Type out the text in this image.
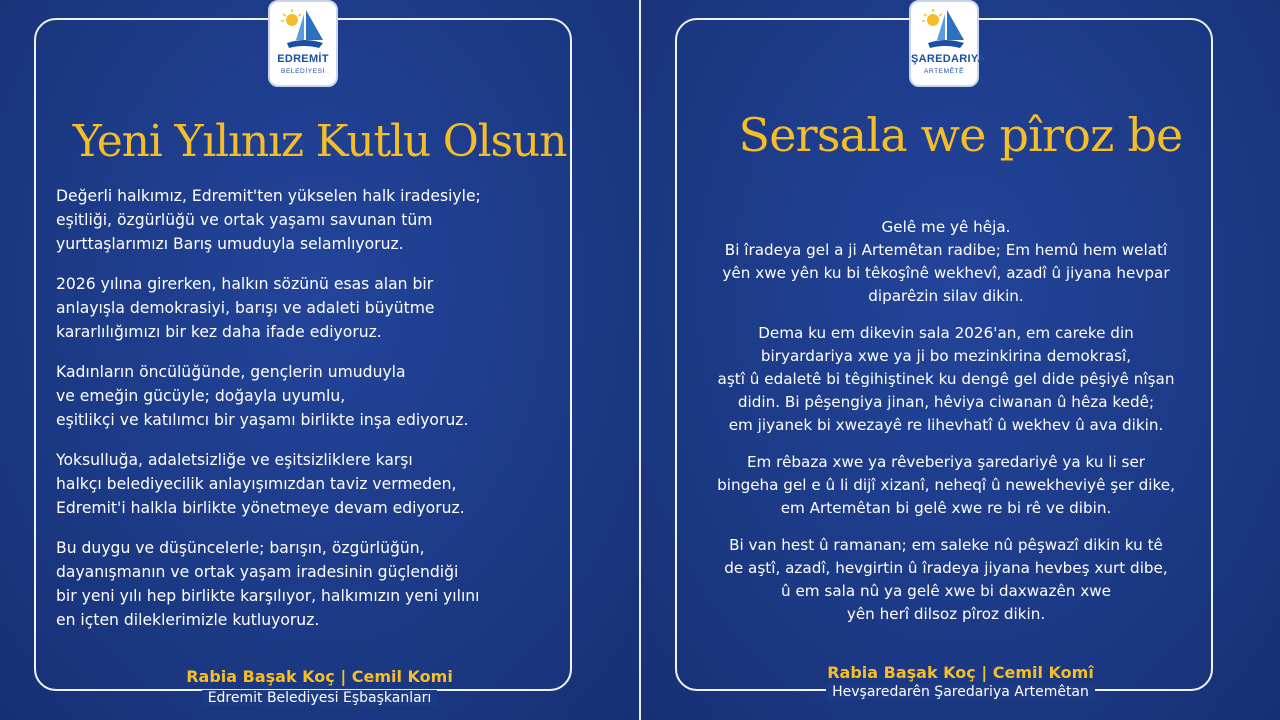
EDREMİT
BELEDİYESİ
Yeni Yılınız Kutlu Olsun

Değerli halkımız, Edremit'ten yükselen halk iradesiyle;
eşitliği, özgürlüğü ve ortak yaşamı savunan tüm
yurttaşlarımızı Barış umuduyla selamlıyoruz.

2026 yılına girerken, halkın sözünü esas alan bir
anlayışla demokrasiyi, barışı ve adaleti büyütme
kararlılığımızı bir kez daha ifade ediyoruz.

Kadınların öncülüğünde, gençlerin umuduyla
ve emeğin gücüyle; doğayla uyumlu,
eşitlikçi ve katılımcı bir yaşamı birlikte inşa ediyoruz.

Yoksulluğa, adaletsizliğe ve eşitsizliklere karşı
halkçı belediyecilik anlayışımızdan taviz vermeden,
Edremit'i halkla birlikte yönetmeye devam ediyoruz.

Bu duygu ve düşüncelerle; barışın, özgürlüğün,
dayanışmanın ve ortak yaşam iradesinin güçlendiği
bir yeni yılı hep birlikte karşılıyor, halkımızın yeni yılını
en içten dileklerimizle kutluyoruz.

Rabia Başak Koç | Cemil Komi
Edremit Belediyesi Eşbaşkanları
ŞAREDARIYA
ARTEMÊTÊ
Sersala we pîroz be

Gelê me yê hêja.
Bi îradeya gel a ji Artemêtan radibe; Em hemû hem welatî
yên xwe yên ku bi têkoşînê wekhevî, azadî û jiyana hevpar
diparêzin silav dikin.

Dema ku em dikevin sala 2026'an, em careke din
biryardariya xwe ya ji bo mezinkirina demokrasî,
aştî û edaletê bi têgihiştinek ku dengê gel dide pêşiyê nîşan
didin. Bi pêşengiya jinan, hêviya ciwanan û hêza kedê;
em jiyanek bi xwezayê re lihevhatî û wekhev û ava dikin.

Em rêbaza xwe ya rêveberiya şaredariyê ya ku li ser
bingeha gel e û li dijî xizanî, neheqî û newekheviyê şer dike,
em Artemêtan bi gelê xwe re bi rê ve dibin.

Bi van hest û ramanan; em saleke nû pêşwazî dikin ku tê
de aştî, azadî, hevgirtin û îradeya jiyana hevbeş xurt dibe,
û em sala nû ya gelê xwe bi daxwazên xwe
yên herî dilsoz pîroz dikin.

Rabia Başak Koç | Cemil Komî
Hevşaredarên Şaredariya Artemêtan
